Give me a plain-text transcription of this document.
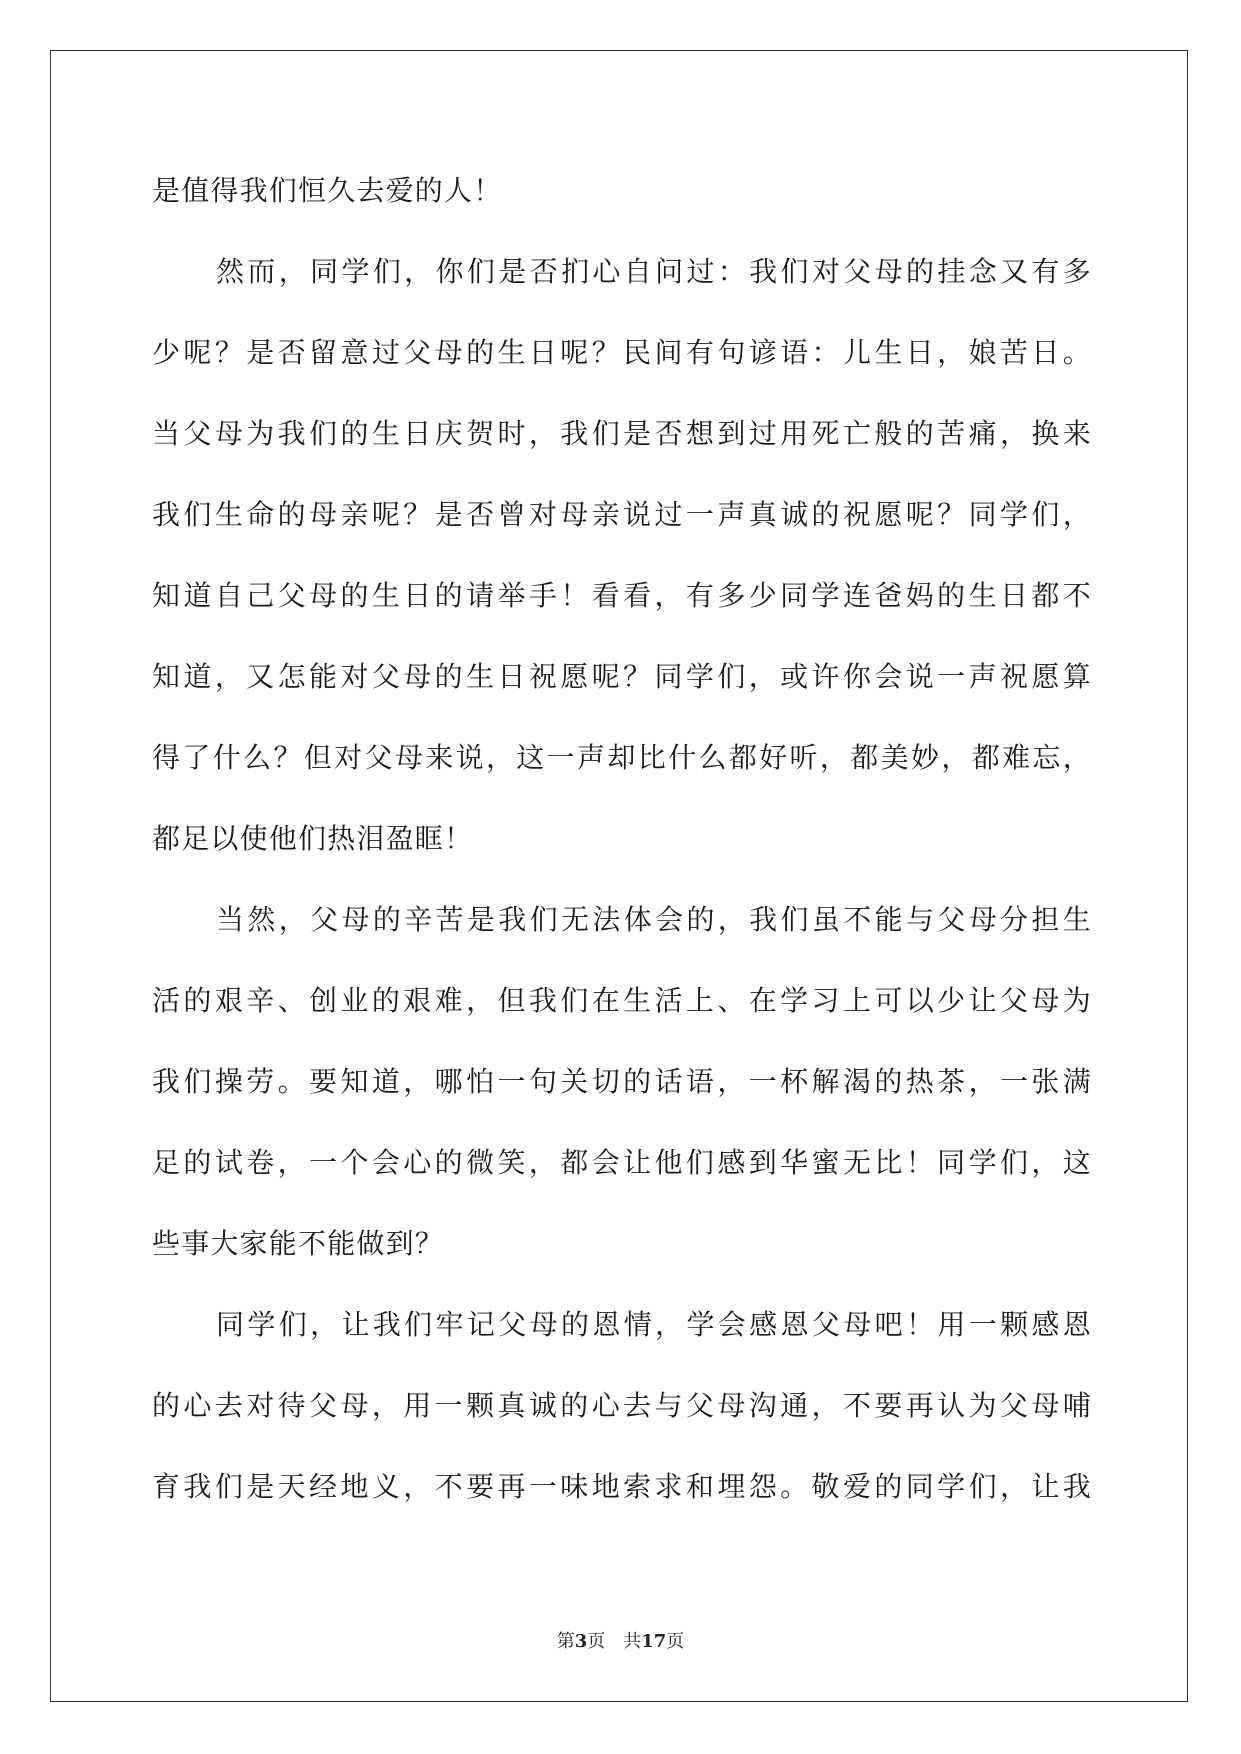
是值得我们恒久去爱的人！
然而，同学们，你们是否扪心自问过：我们对父母的挂念又有多
少呢？是否留意过父母的生日呢？民间有句谚语：儿生日，娘苦日。
当父母为我们的生日庆贺时，我们是否想到过用死亡般的苦痛，换来
我们生命的母亲呢？是否曾对母亲说过一声真诚的祝愿呢？同学们，
知道自己父母的生日的请举手！看看，有多少同学连爸妈的生日都不
知道，又怎能对父母的生日祝愿呢？同学们，或许你会说一声祝愿算
得了什么？但对父母来说，这一声却比什么都好听，都美妙，都难忘，
都足以使他们热泪盈眶！
当然，父母的辛苦是我们无法体会的，我们虽不能与父母分担生
活的艰辛、创业的艰难，但我们在生活上、在学习上可以少让父母为
我们操劳。要知道，哪怕一句关切的话语，一杯解渴的热茶，一张满
足的试卷，一个会心的微笑，都会让他们感到华蜜无比！同学们，这
些事大家能不能做到？
同学们，让我们牢记父母的恩情，学会感恩父母吧！用一颗感恩
的心去对待父母，用一颗真诚的心去与父母沟通，不要再认为父母哺
育我们是天经地义，不要再一味地索求和埋怨。敬爱的同学们，让我
第3页 共17页
